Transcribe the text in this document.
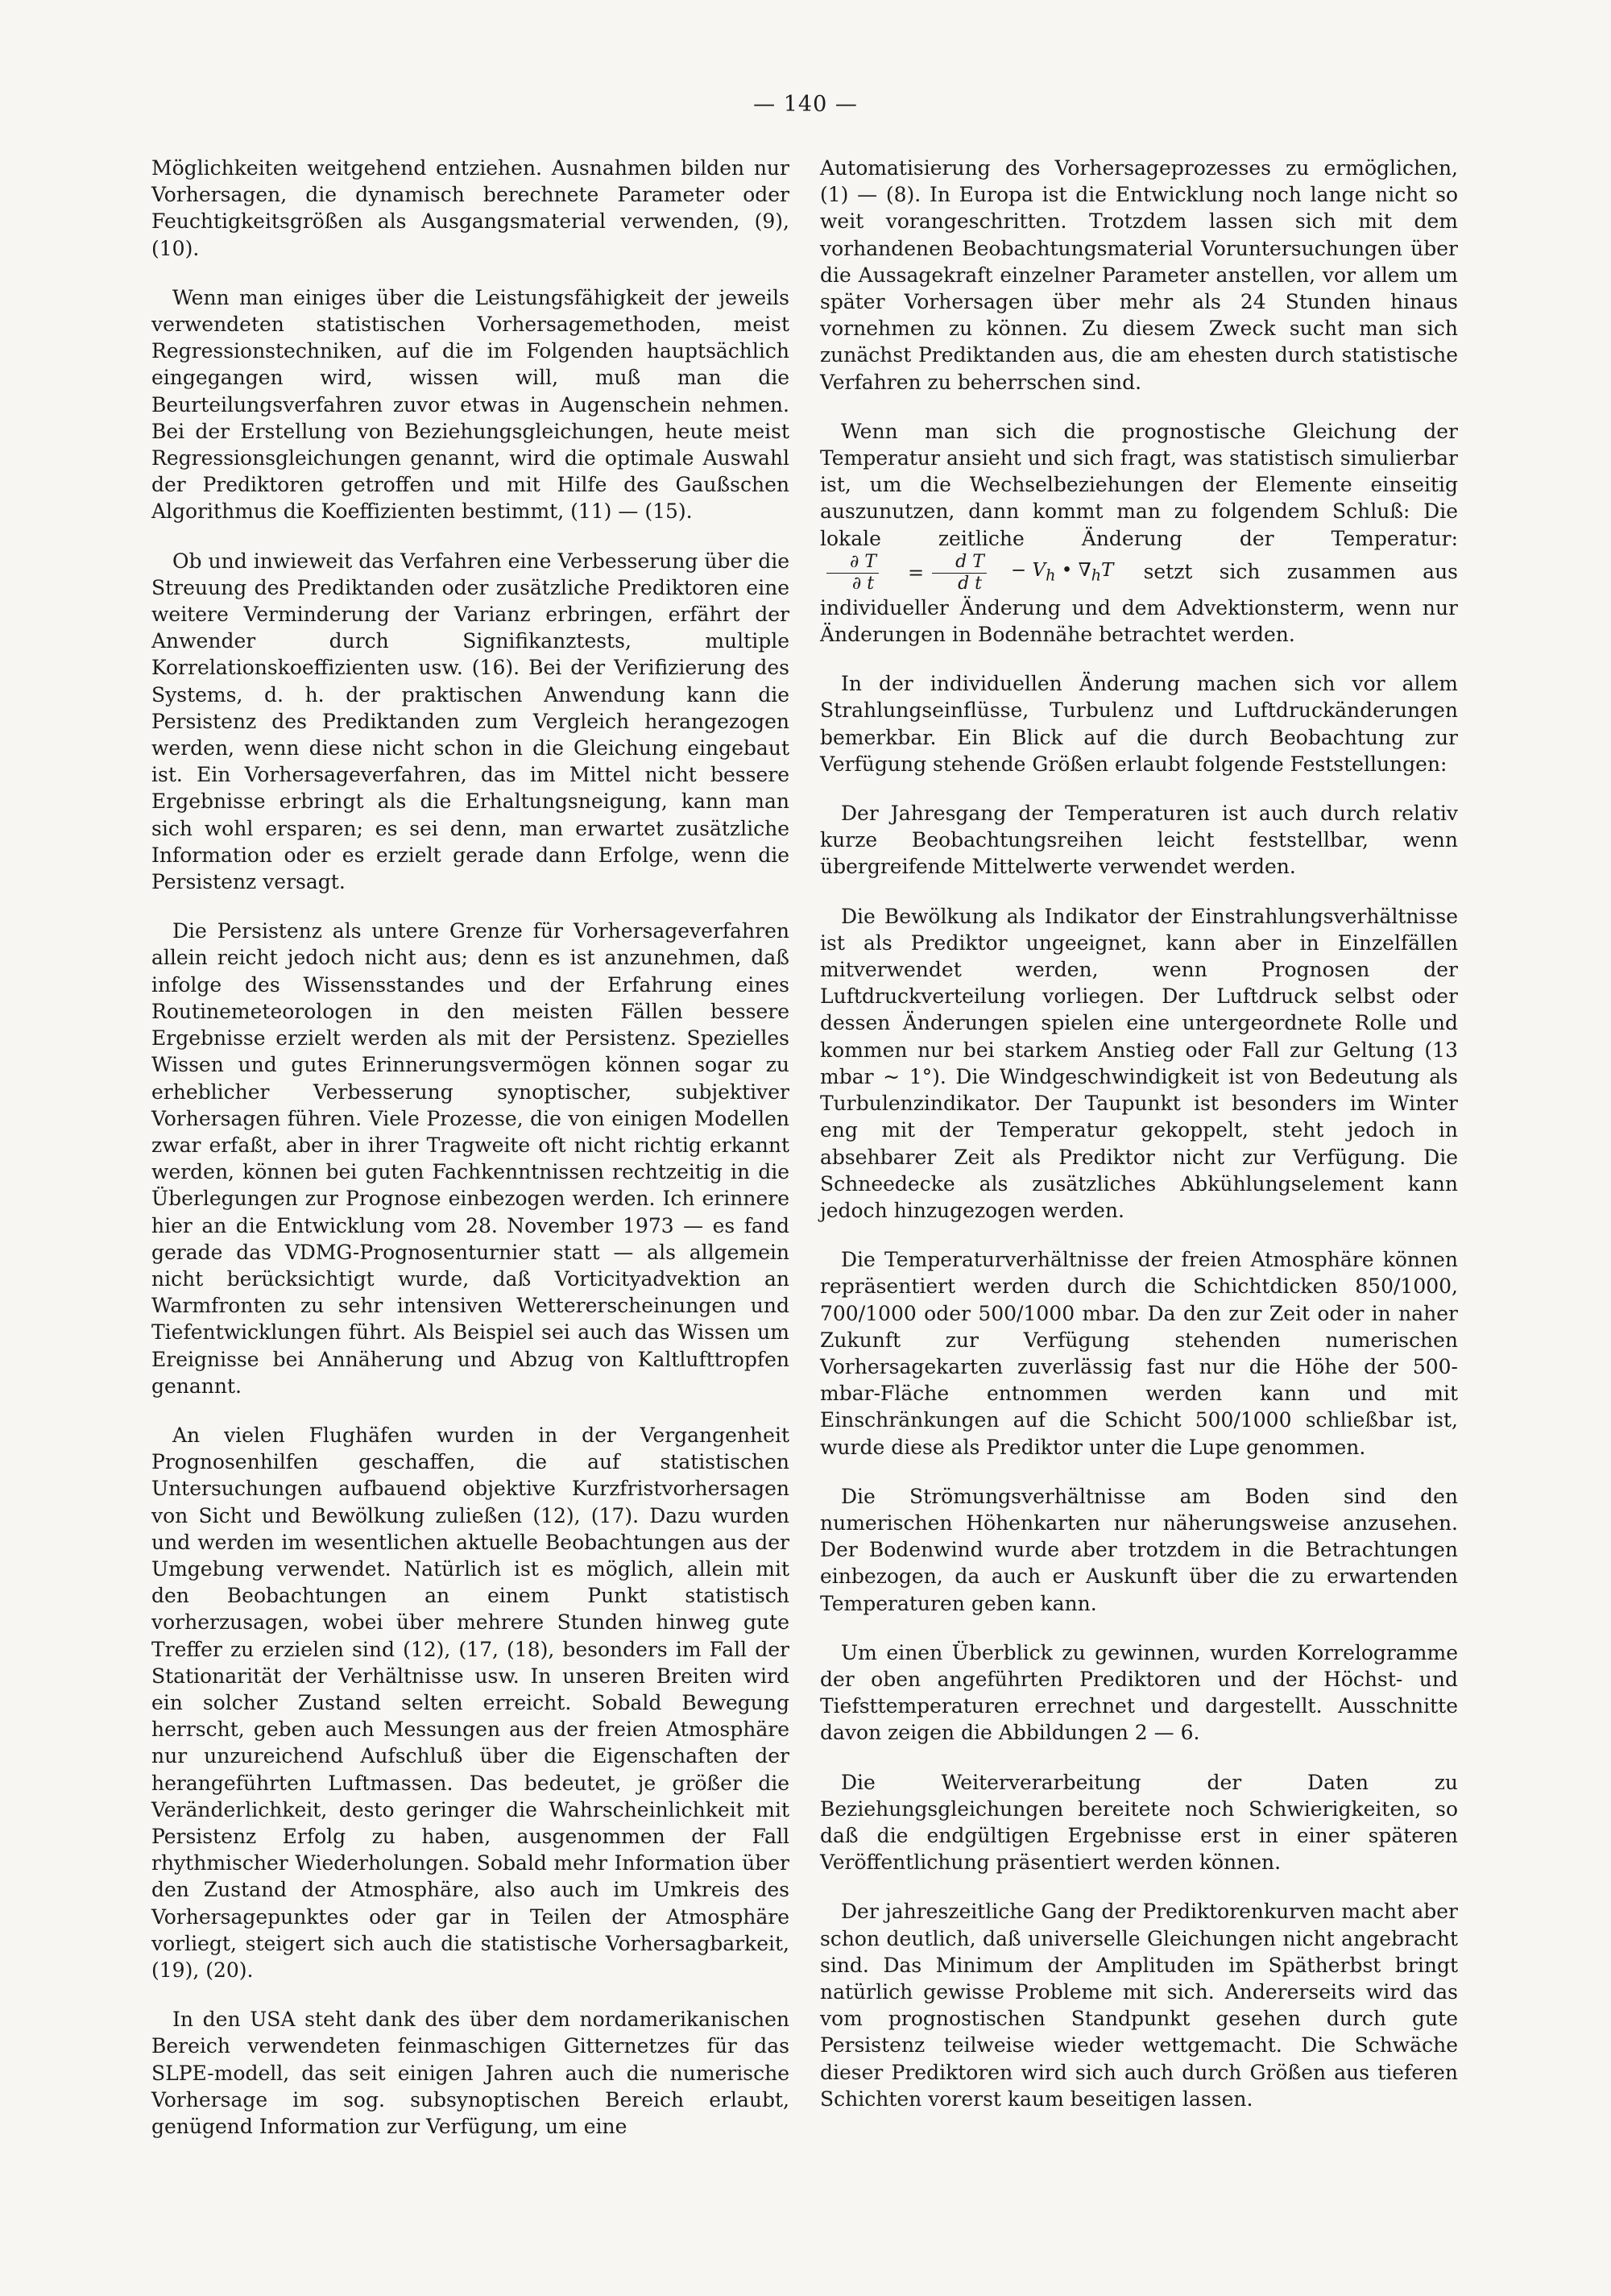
— 140 —

Möglichkeiten weitgehend entziehen. Ausnahmen bilden nur Vorhersagen, die dynamisch berechnete Parameter oder Feuchtigkeitsgrößen als Ausgangsmaterial verwenden, (9), (10).

Wenn man einiges über die Leistungsfähigkeit der jeweils verwendeten statistischen Vorhersagemethoden, meist Regressionstechniken, auf die im Folgenden hauptsächlich eingegangen wird, wissen will, muß man die Beurteilungsverfahren zuvor etwas in Augenschein nehmen. Bei der Erstellung von Beziehungsgleichungen, heute meist Regressionsgleichungen genannt, wird die optimale Auswahl der Prediktoren getroffen und mit Hilfe des Gaußschen Algorithmus die Koeffizienten bestimmt, (11) — (15).

Ob und inwieweit das Verfahren eine Verbesserung über die Streuung des Prediktanden oder zusätzliche Prediktoren eine weitere Verminderung der Varianz erbringen, erfährt der Anwender durch Signifikanztests, multiple Korrelationskoeffizienten usw. (16). Bei der Verifizierung des Systems, d. h. der praktischen Anwendung kann die Persistenz des Prediktanden zum Vergleich herangezogen werden, wenn diese nicht schon in die Gleichung eingebaut ist. Ein Vorhersageverfahren, das im Mittel nicht bessere Ergebnisse erbringt als die Erhaltungsneigung, kann man sich wohl ersparen; es sei denn, man erwartet zusätzliche Information oder es erzielt gerade dann Erfolge, wenn die Persistenz versagt.

Die Persistenz als untere Grenze für Vorhersageverfahren allein reicht jedoch nicht aus; denn es ist anzunehmen, daß infolge des Wissensstandes und der Erfahrung eines Routinemeteorologen in den meisten Fällen bessere Ergebnisse erzielt werden als mit der Persistenz. Spezielles Wissen und gutes Erinnerungsvermögen können sogar zu erheblicher Verbesserung synoptischer, subjektiver Vorhersagen führen. Viele Prozesse, die von einigen Modellen zwar erfaßt, aber in ihrer Tragweite oft nicht richtig erkannt werden, können bei guten Fachkenntnissen rechtzeitig in die Überlegungen zur Prognose einbezogen werden. Ich erinnere hier an die Entwicklung vom 28. November 1973 — es fand gerade das VDMG-Prognosenturnier statt — als allgemein nicht berücksichtigt wurde, daß Vorticityadvektion an Warmfronten zu sehr intensiven Wettererscheinungen und Tiefentwicklungen führt. Als Beispiel sei auch das Wissen um Ereignisse bei Annäherung und Abzug von Kaltlufttropfen genannt.

An vielen Flughäfen wurden in der Vergangenheit Prognosenhilfen geschaffen, die auf statistischen Untersuchungen aufbauend objektive Kurzfristvorhersagen von Sicht und Bewölkung zuließen (12), (17). Dazu wurden und werden im wesentlichen aktuelle Beobachtungen aus der Umgebung verwendet. Natürlich ist es möglich, allein mit den Beobachtungen an einem Punkt statistisch vorherzusagen, wobei über mehrere Stunden hinweg gute Treffer zu erzielen sind (12), (17, (18), besonders im Fall der Stationarität der Verhältnisse usw. In unseren Breiten wird ein solcher Zustand selten erreicht. Sobald Bewegung herrscht, geben auch Messungen aus der freien Atmosphäre nur unzureichend Aufschluß über die Eigenschaften der herangeführten Luftmassen. Das bedeutet, je größer die Veränderlichkeit, desto geringer die Wahrscheinlichkeit mit Persistenz Erfolg zu haben, ausgenommen der Fall rhythmischer Wiederholungen. Sobald mehr Information über den Zustand der Atmosphäre, also auch im Umkreis des Vorhersagepunktes oder gar in Teilen der Atmosphäre vorliegt, steigert sich auch die statistische Vorhersagbarkeit, (19), (20).

In den USA steht dank des über dem nordamerikanischen Bereich verwendeten feinmaschigen Gitternetzes für das SLPE-modell, das seit einigen Jahren auch die numerische Vorhersage im sog. subsynoptischen Bereich erlaubt, genügend Information zur Verfügung, um eine

Automatisierung des Vorhersageprozesses zu ermöglichen, (1) — (8). In Europa ist die Entwicklung noch lange nicht so weit vorangeschritten. Trotzdem lassen sich mit dem vorhandenen Beobachtungsmaterial Voruntersuchungen über die Aussagekraft einzelner Parameter anstellen, vor allem um später Vorhersagen über mehr als 24 Stunden hinaus vornehmen zu können. Zu diesem Zweck sucht man sich zunächst Prediktanden aus, die am ehesten durch statistische Verfahren zu beherrschen sind.

Wenn man sich die prognostische Gleichung der Temperatur ansieht und sich fragt, was statistisch simulierbar ist, um die Wechselbeziehungen der Elemente einseitig auszunutzen, dann kommt man zu folgendem Schluß: Die lokale zeitliche Änderung der Temperatur:
$\frac{\partial T}{\partial t}$	= $\frac{\text{d T}}{\text{d t}}$	− $V_h$ • $\nabla_hT$ setzt sich zusammen aus individueller Änderung und dem Advektionsterm, wenn nur Änderungen in Bodennähe betrachtet werden.

In der individuellen Änderung machen sich vor allem Strahlungseinflüsse, Turbulenz und Luftdruckänderungen bemerkbar. Ein Blick auf die durch Beobachtung zur Verfügung stehende Größen erlaubt folgende Feststellungen:

Der Jahresgang der Temperaturen ist auch durch relativ kurze Beobachtungsreihen leicht feststellbar, wenn übergreifende Mittelwerte verwendet werden.

Die Bewölkung als Indikator der Einstrahlungsverhältnisse ist als Prediktor ungeeignet, kann aber in Einzelfällen mitverwendet werden, wenn Prognosen der Luftdruckverteilung vorliegen. Der Luftdruck selbst oder dessen Änderungen spielen eine untergeordnete Rolle und kommen nur bei starkem Anstieg oder Fall zur Geltung (13 mbar ~ 1°). Die Windgeschwindigkeit ist von Bedeutung als Turbulenzindikator. Der Taupunkt ist besonders im Winter eng mit der Temperatur gekoppelt, steht jedoch in absehbarer Zeit als Prediktor nicht zur Verfügung. Die Schneedecke als zusätzliches Abkühlungselement kann jedoch hinzugezogen werden.

Die Temperaturverhältnisse der freien Atmosphäre können repräsentiert werden durch die Schichtdicken 850/1000, 700/1000 oder 500/1000 mbar. Da den zur Zeit oder in naher Zukunft zur Verfügung stehenden numerischen Vorhersagekarten zuverlässig fast nur die Höhe der 500-mbar-Fläche entnommen werden kann und mit Einschränkungen auf die Schicht 500/1000 schließbar ist, wurde diese als Prediktor unter die Lupe genommen.

Die Strömungsverhältnisse am Boden sind den numerischen Höhenkarten nur näherungsweise anzusehen. Der Bodenwind wurde aber trotzdem in die Betrachtungen einbezogen, da auch er Auskunft über die zu erwartenden Temperaturen geben kann.

Um einen Überblick zu gewinnen, wurden Korrelogramme der oben angeführten Prediktoren und der Höchst- und Tiefsttemperaturen errechnet und dargestellt. Ausschnitte davon zeigen die Abbildungen 2 — 6.

Die Weiterverarbeitung der Daten zu Beziehungsgleichungen bereitete noch Schwierigkeiten, so daß die endgültigen Ergebnisse erst in einer späteren Veröffentlichung präsentiert werden können.

Der jahreszeitliche Gang der Prediktorenkurven macht aber schon deutlich, daß universelle Gleichungen nicht angebracht sind. Das Minimum der Amplituden im Spätherbst bringt natürlich gewisse Probleme mit sich. Andererseits wird das vom prognostischen Standpunkt gesehen durch gute Persistenz teilweise wieder wettgemacht. Die Schwäche dieser Prediktoren wird sich auch durch Größen aus tieferen Schichten vorerst kaum beseitigen lassen.
